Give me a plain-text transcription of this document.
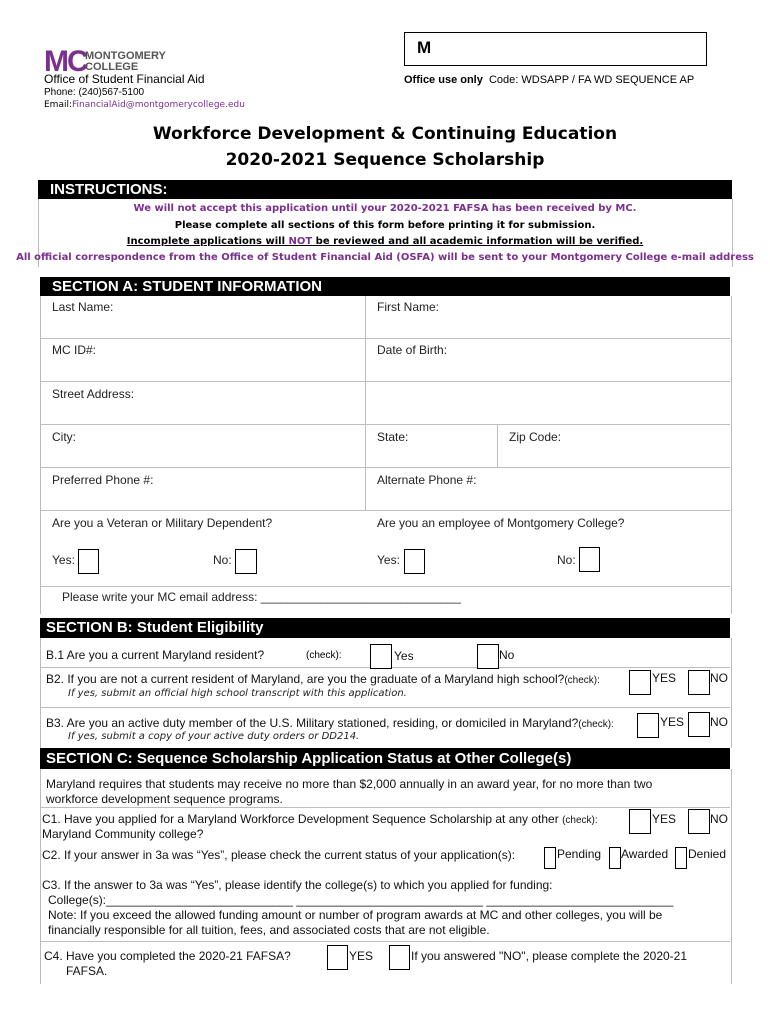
MC
MONTGOMERY
COLLEGE
Office of Student Financial Aid
Phone: (240)567-5100
Email:FinancialAid@montgomerycollege.edu
M
Office use only Code: WDSAPP / FA WD SEQUENCE AP
Workforce Development & Continuing Education
2020-2021 Sequence Scholarship
INSTRUCTIONS:
We will not accept this application until your 2020-2021 FAFSA has been received by MC.
Please complete all sections of this form before printing it for submission.
Incomplete applications will NOT be reviewed and all academic information will be verified.
All official correspondence from the Office of Student Financial Aid (OSFA) will be sent to your Montgomery College e-mail address
SECTION A: STUDENT INFORMATION
Last Name:	First Name:
MC ID#:	Date of Birth:
Street Address:
City:	State:	Zip Code:
Preferred Phone #:	Alternate Phone #:
Are you a Veteran or Military Dependent?	Are you an employee of Montgomery College?
Yes:	No:	Yes:	No:
Please write your MC email address: ______________________________
SECTION B: Student Eligibility
B.1 Are you a current Maryland resident?	(check):	Yes	No
B2. If you are not a current resident of Maryland, are you the graduate of a Maryland high school?(check):	YES	NO
If yes, submit an official high school transcript with this application.
B3. Are you an active duty member of the U.S. Military stationed, residing, or domiciled in Maryland?(check):	YES NO
If yes, submit a copy of your active duty orders or DD214.
SECTION C: Sequence Scholarship Application Status at Other College(s)
Maryland requires that students may receive no more than $2,000 annually in an award year, for no more than two
workforce development sequence programs.
C1. Have you applied for a Maryland Workforce Development Sequence Scholarship at any other (check):
Maryland Community college?
YES	NO
C2. If your answer in 3a was “Yes”, please check the current status of your application(s):	Pending Awarded Denied
C3. If the answer to 3a was “Yes”, please identify the college(s) to which you applied for funding:
College(s):____________________________ ____________________________ ____________________________
Note: If you exceed the allowed funding amount or number of program awards at MC and other colleges, you will be
financially responsible for all tuition, fees, and associated costs that are not eligible.
C4. Have you completed the 2020-21 FAFSA?
FAFSA.
YES	If you answered "NO", please complete the 2020-21
